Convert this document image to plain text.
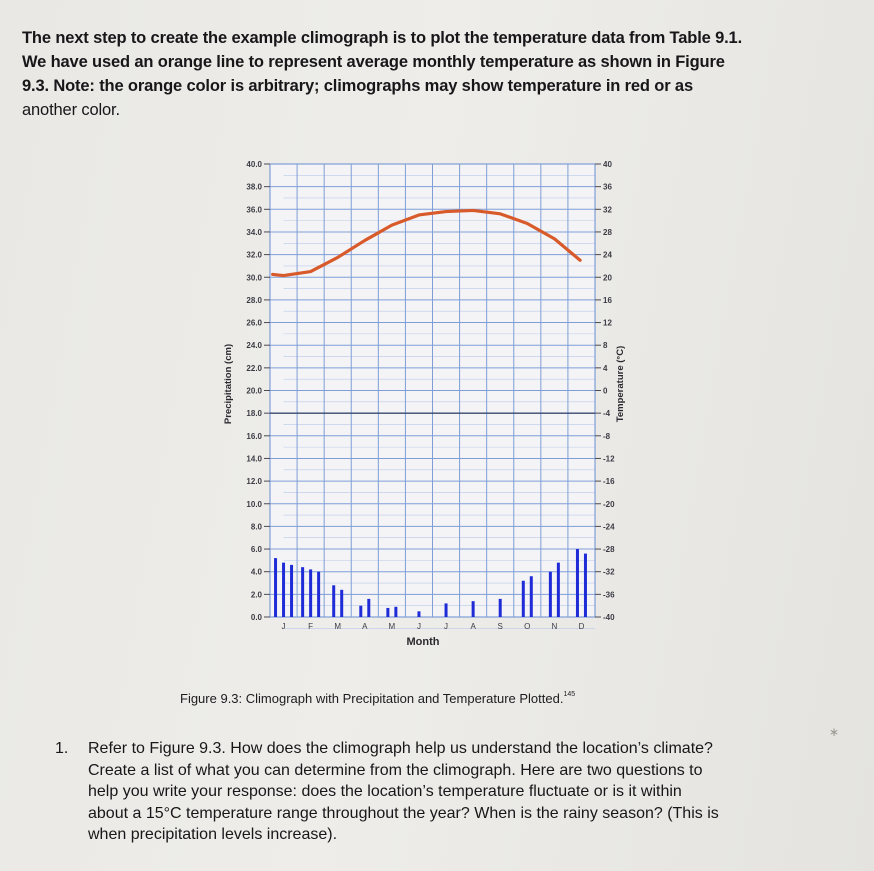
The next step to create the example climograph is to plot the temperature data from Table 9.1.
We have used an orange line to represent average monthly temperature as shown in Figure
9.3. Note: the orange color is arbitrary; climographs may show temperature in red or as
another color.
40.0
38.0
36.0
34.0
32.0
30.0
28.0
26.0
24.0
22.0
20.0
18.0
16.0
14.0
12.0
10.0
8.0
6.0
4.0
2.0
0.0
40
36
32
28
24
20
16
12
8
4
0
-4
-8
-12
-16
-20
-24
-28
-32
-36
-40
J	F	M	A	M	J	J	A	S	O	N	D
Month
Precipitation (cm)	Temperature (°C)
Figure 9.3: Climograph with Precipitation and Temperature Plotted.$^{145}$
1.	Refer to Figure 9.3. How does the climograph help us understand the location’s climate?
Create a list of what you can determine from the climograph. Here are two questions to
help you write your response: does the location’s temperature fluctuate or is it within
about a 15°C temperature range throughout the year? When is the rainy season? (This is
when precipitation levels increase).
∗
